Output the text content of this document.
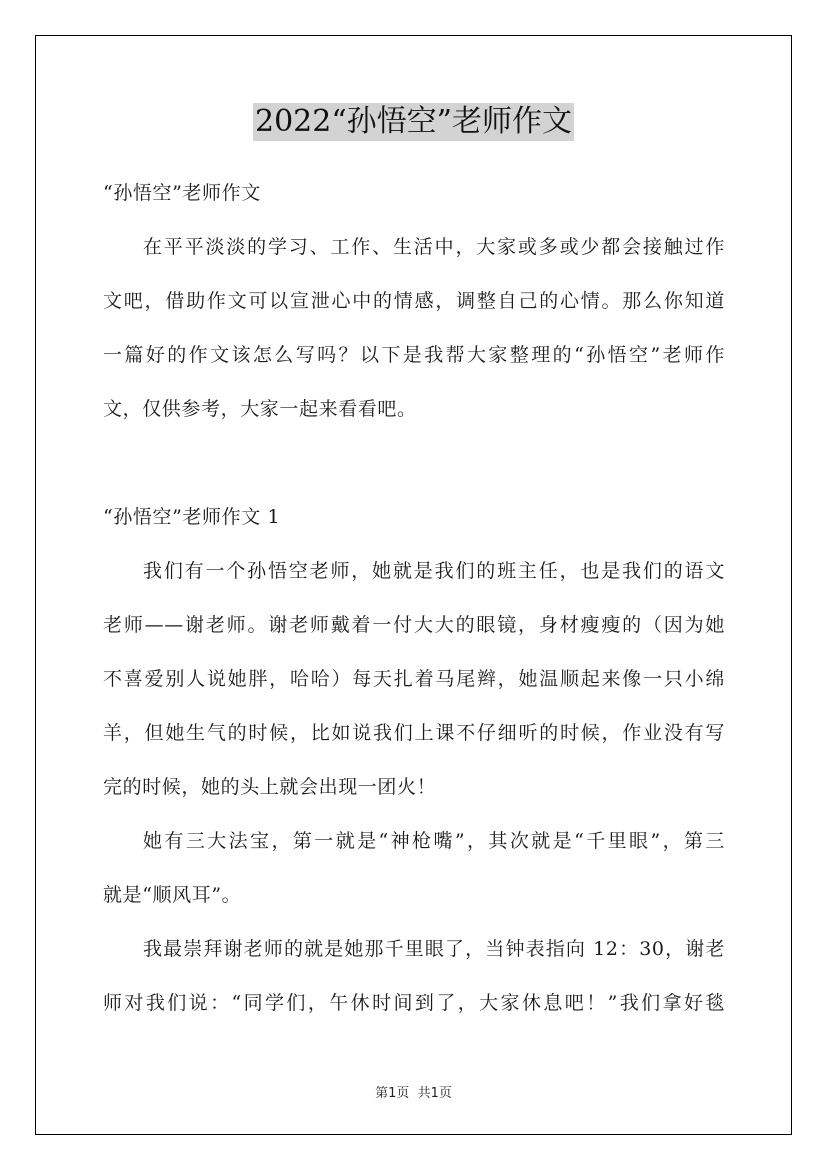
2022“孙悟空”老师作文
“孙悟空”老师作文
在平平淡淡的学习、工作、生活中，大家或多或少都会接触过作
文吧，借助作文可以宣泄心中的情感，调整自己的心情。那么你知道
一篇好的作文该怎么写吗？以下是我帮大家整理的“孙悟空”老师作
文，仅供参考，大家一起来看看吧。
“孙悟空”老师作文 1
我们有一个孙悟空老师，她就是我们的班主任，也是我们的语文
老师——谢老师。谢老师戴着一付大大的眼镜，身材瘦瘦的（因为她
不喜爱别人说她胖，哈哈）每天扎着马尾辫，她温顺起来像一只小绵
羊，但她生气的时候，比如说我们上课不仔细听的时候，作业没有写
完的时候，她的头上就会出现一团火！
她有三大法宝，第一就是“神枪嘴”，其次就是“千里眼”，第三
就是“顺风耳”。
我最崇拜谢老师的就是她那千里眼了，当钟表指向 12：30，谢老
师对我们说：“同学们，午休时间到了，大家休息吧！”我们拿好毯
第1页 共1页
